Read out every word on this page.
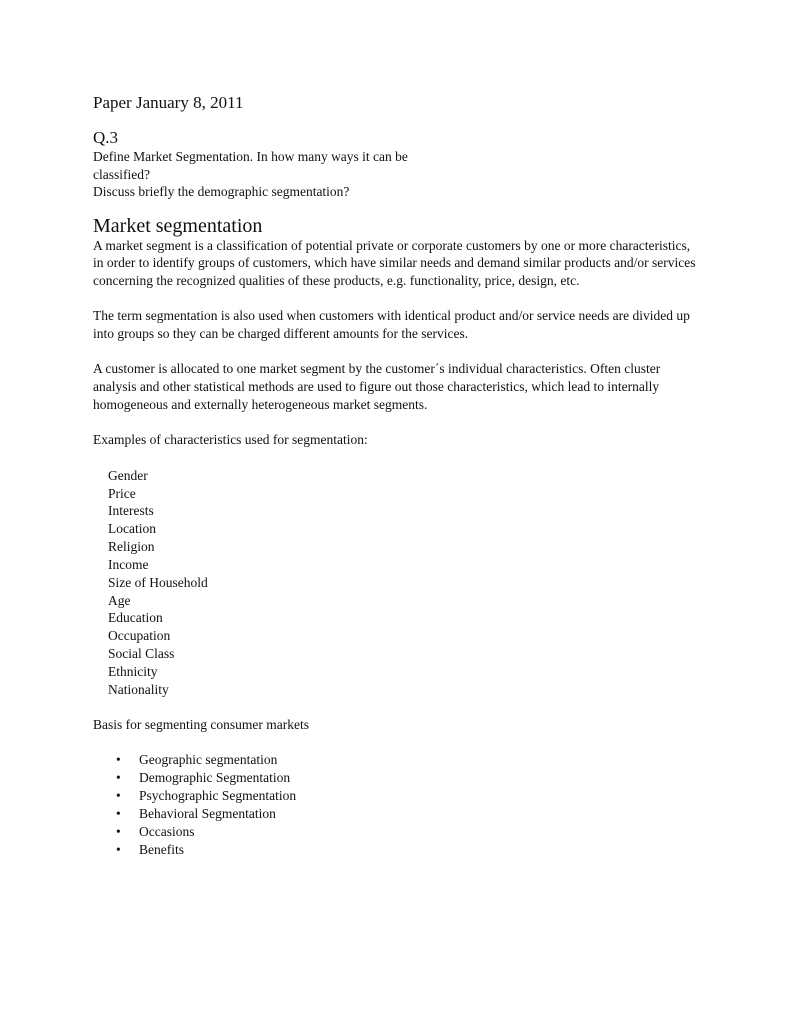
Paper January 8, 2011
Q.3
Define Market Segmentation. In how many ways it can be
classified?
Discuss briefly the demographic segmentation?
Market segmentation

A market segment is a classification of potential private or corporate customers by one or more characteristics, in order to identify groups of customers, which have similar needs and demand similar products and/or services concerning the recognized qualities of these products, e.g. functionality, price, design, etc.

The term segmentation is also used when customers with identical product and/or service needs are divided up into groups so they can be charged different amounts for the services.

A customer is allocated to one market segment by the customer´s individual characteristics. Often cluster analysis and other statistical methods are used to figure out those characteristics, which lead to internally homogeneous and externally heterogeneous market segments.

Examples of characteristics used for segmentation:

Gender
Price
Interests
Location
Religion
Income
Size of Household
Age
Education
Occupation
Social Class
Ethnicity
Nationality

Basis for segmenting consumer markets

• Geographic segmentation
• Demographic Segmentation
• Psychographic Segmentation
• Behavioral Segmentation
• Occasions
• Benefits
